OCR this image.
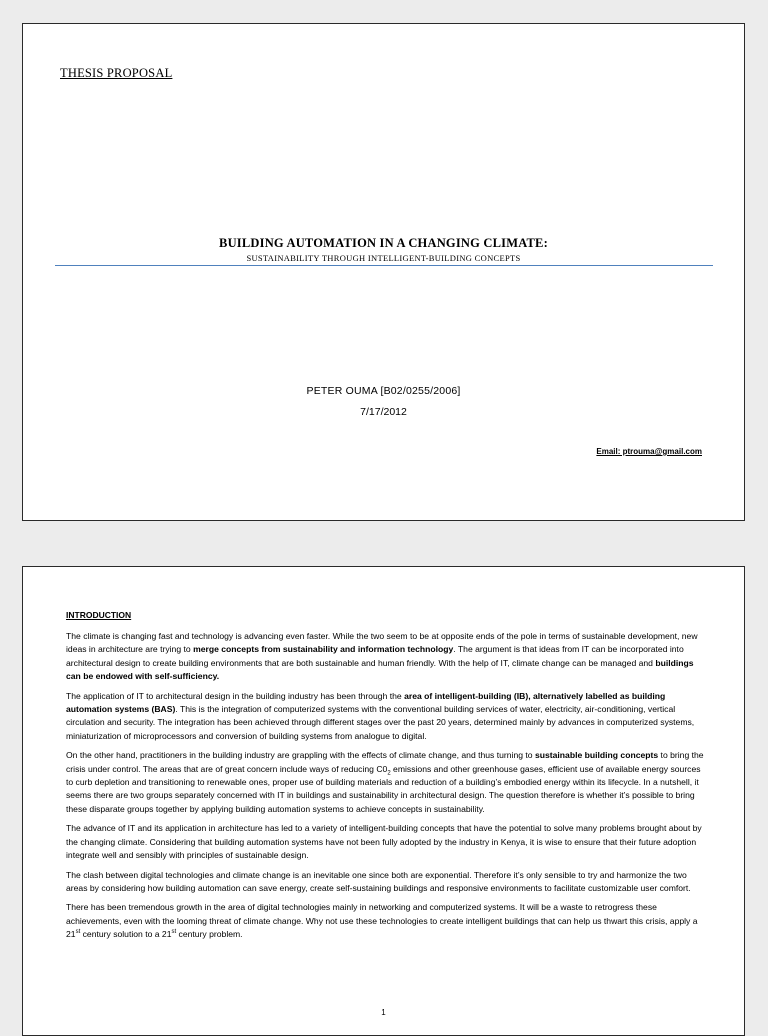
THESIS PROPOSAL
BUILDING AUTOMATION IN A CHANGING CLIMATE:
SUSTAINABILITY THROUGH INTELLIGENT-BUILDING CONCEPTS
PETER OUMA [B02/0255/2006]
7/17/2012
Email: ptrouma@gmail.com
INTRODUCTION

The climate is changing fast and technology is advancing even faster. While the two seem to be at opposite ends of the pole in terms of sustainable development, new ideas in architecture are trying to merge concepts from sustainability and information technology. The argument is that ideas from IT can be incorporated into architectural design to create building environments that are both sustainable and human friendly. With the help of IT, climate change can be managed and buildings can be endowed with self-sufficiency.

The application of IT to architectural design in the building industry has been through the area of intelligent-building (IB), alternatively labelled as building automation systems (BAS). This is the integration of computerized systems with the conventional building services of water, electricity, air-conditioning, vertical circulation and security. The integration has been achieved through different stages over the past 20 years, determined mainly by advances in computerized systems, miniaturization of microprocessors and conversion of building systems from analogue to digital.

On the other hand, practitioners in the building industry are grappling with the effects of climate change, and thus turning to sustainable building concepts to bring the crisis under control. The areas that are of great concern include ways of reducing $C0_2$ emissions and other greenhouse gases, efficient use of available energy sources to curb depletion and transitioning to renewable ones, proper use of building materials and reduction of a building’s embodied energy within its lifecycle. In a nutshell, it seems there are two groups separately concerned with IT in buildings and sustainability in architectural design. The question therefore is whether it’s possible to bring these disparate groups together by applying building automation systems to achieve concepts in sustainability.

The advance of IT and its application in architecture has led to a variety of intelligent-building concepts that have the potential to solve many problems brought about by the changing climate. Considering that building automation systems have not been fully adopted by the industry in Kenya, it is wise to ensure that their future adoption integrate well and sensibly with principles of sustainable design.

The clash between digital technologies and climate change is an inevitable one since both are exponential. Therefore it’s only sensible to try and harmonize the two areas by considering how building automation can save energy, create self-sustaining buildings and responsive environments to facilitate customizable user comfort.

There has been tremendous growth in the area of digital technologies mainly in networking and computerized systems. It will be a waste to retrogress these achievements, even with the looming threat of climate change. Why not use these technologies to create intelligent buildings that can help us thwart this crisis, apply a 21st century solution to a 21st century problem.

1
